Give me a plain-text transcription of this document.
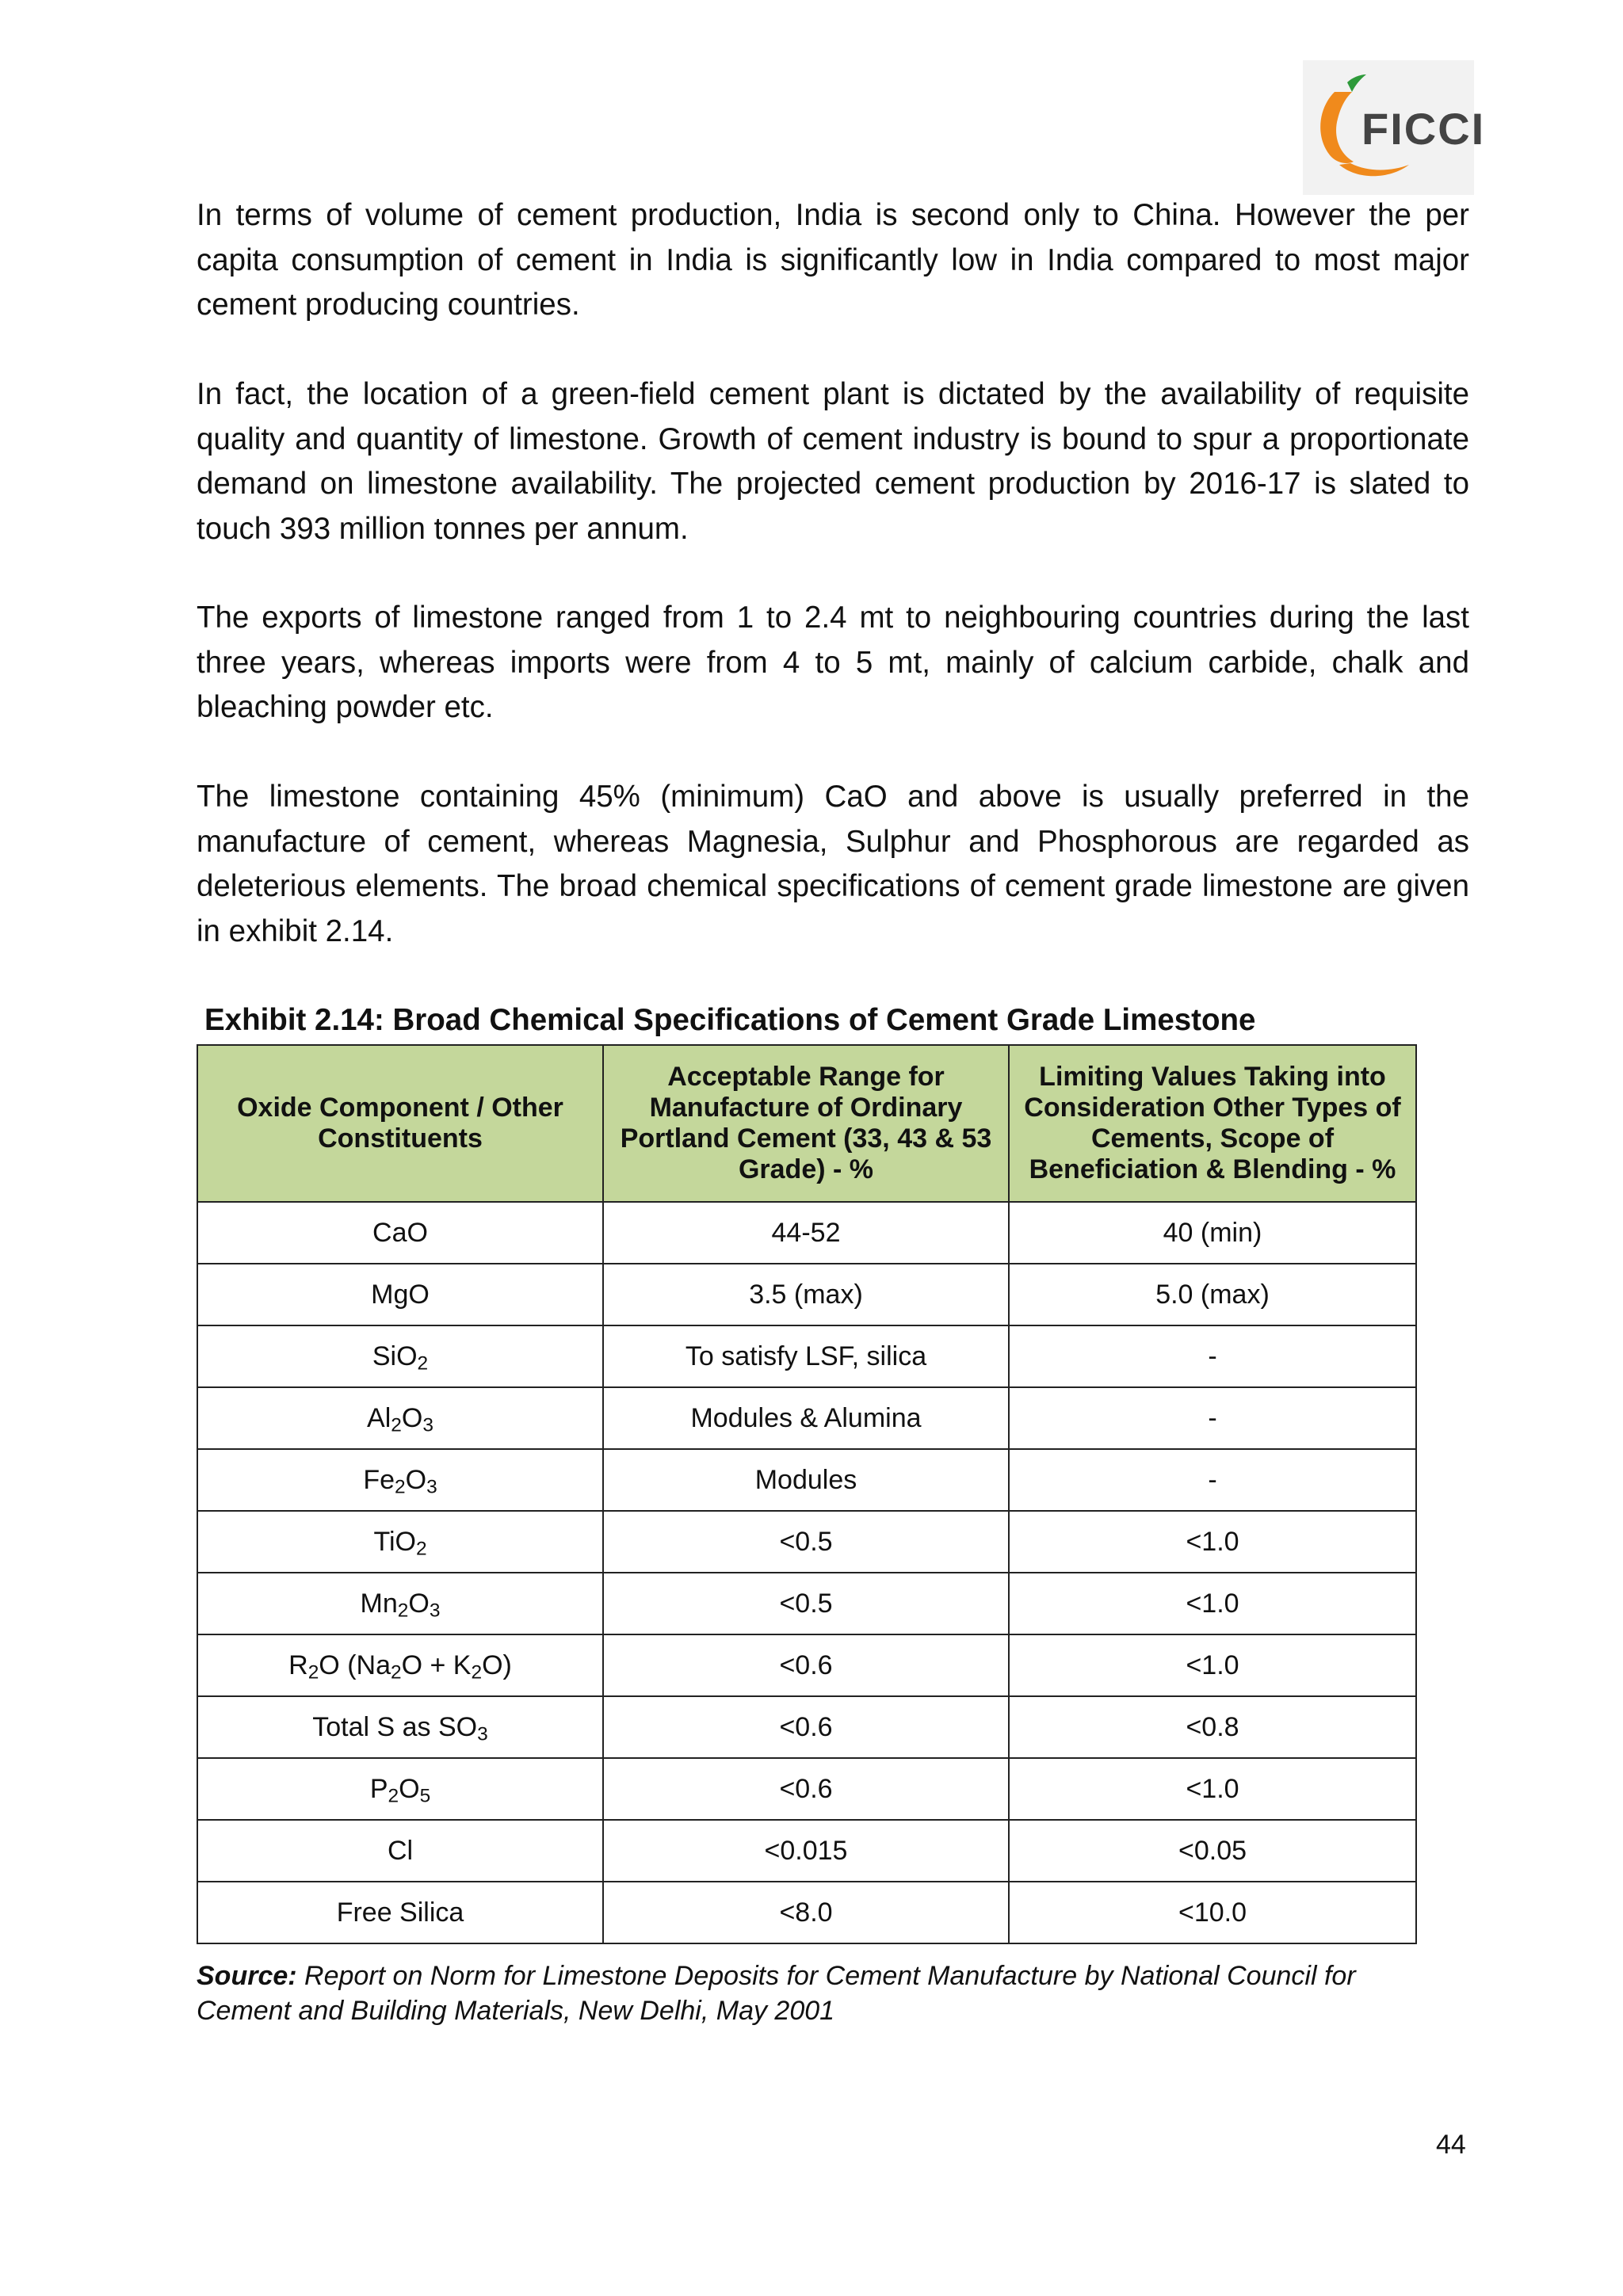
FICCI

In terms of volume of cement production, India is second only to China. However the per capita consumption of cement in India is significantly low in India compared to most major cement producing countries.

In fact, the location of a green-field cement plant is dictated by the availability of requisite quality and quantity of limestone. Growth of cement industry is bound to spur a proportionate demand on limestone availability. The projected cement production by 2016-17 is slated to touch 393 million tonnes per annum.

The exports of limestone ranged from 1 to 2.4 mt to neighbouring countries during the last three years, whereas imports were from 4 to 5 mt, mainly of calcium carbide, chalk and bleaching powder etc.

The limestone containing 45% (minimum) CaO and above is usually preferred in the manufacture of cement, whereas Magnesia, Sulphur and Phosphorous are regarded as deleterious elements. The broad chemical specifications of cement grade limestone are given in exhibit 2.14.

Exhibit 2.14: Broad Chemical Specifications of Cement Grade Limestone

Oxide Component / Other Constituents	Acceptable Range for Manufacture of Ordinary Portland Cement (33, 43 & 53 Grade) - %	Limiting Values Taking into Consideration Other Types of Cements, Scope of Beneficiation & Blending - %
CaO	44-52	40 (min)
MgO	3.5 (max)	5.0 (max)
SiO$_2$	To satisfy LSF, silica	-
$Al_2O_3$	Modules & Alumina	-
$Fe_2O_3$	Modules	-
TiO$_2$	<0.5	<1.0
$Mn_2O_3$	<0.5	<1.0
$R_2O$ $(Na_2O + K_2O)$	<0.6	<1.0
Total S as $SO_3$	<0.6	<0.8
$P_2O_5$	<0.6	<1.0
Cl	<0.015	<0.05
Free Silica	<8.0	<10.0

Source: Report on Norm for Limestone Deposits for Cement Manufacture by National Council for Cement and Building Materials, New Delhi, May 2001

44
